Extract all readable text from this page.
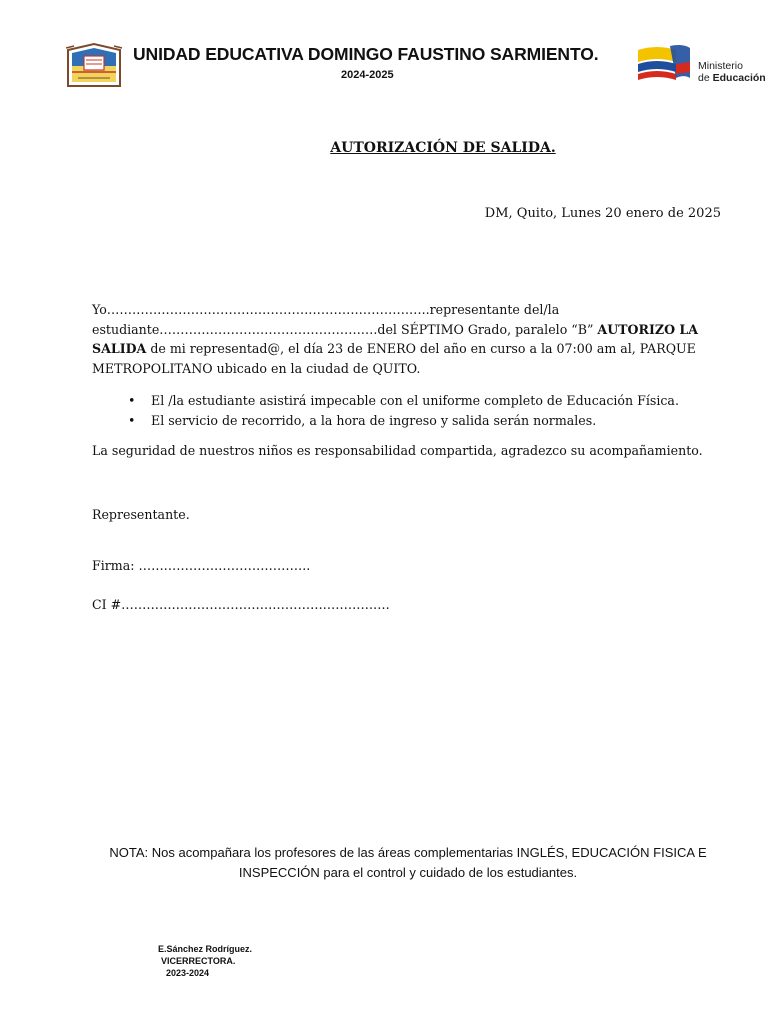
UNIDAD EDUCATIVA DOMINGO FAUSTINO SARMIENTO.
2024-2025
Ministerio
de Educación
AUTORIZACIÓN DE SALIDA.
DM, Quito, Lunes 20 enero de 2025
Yo…………………………………………………………………..representante del/la estudiante…………………………………………….del SÉPTIMO Grado, paralelo “B” AUTORIZO LA SALIDA de mi representad@, el día 23 de ENERO del año en curso a la 07:00 am al, PARQUE METROPOLITANO ubicado en la ciudad de QUITO.
• El /la estudiante asistirá impecable con el uniforme completo de Educación Física.
• El servicio de recorrido, a la hora de ingreso y salida serán normales.
La seguridad de nuestros niños es responsabilidad compartida, agradezco su acompañamiento.
Representante.
Firma: …………………………………..
CI #……………………………………………………….
NOTA: Nos acompañara los profesores de las áreas complementarias INGLÉS, EDUCACIÓN FISICA E INSPECCIÓN para el control y cuidado de los estudiantes.
E.Sánchez Rodríguez.
VICERRECTORA.
2023-2024
